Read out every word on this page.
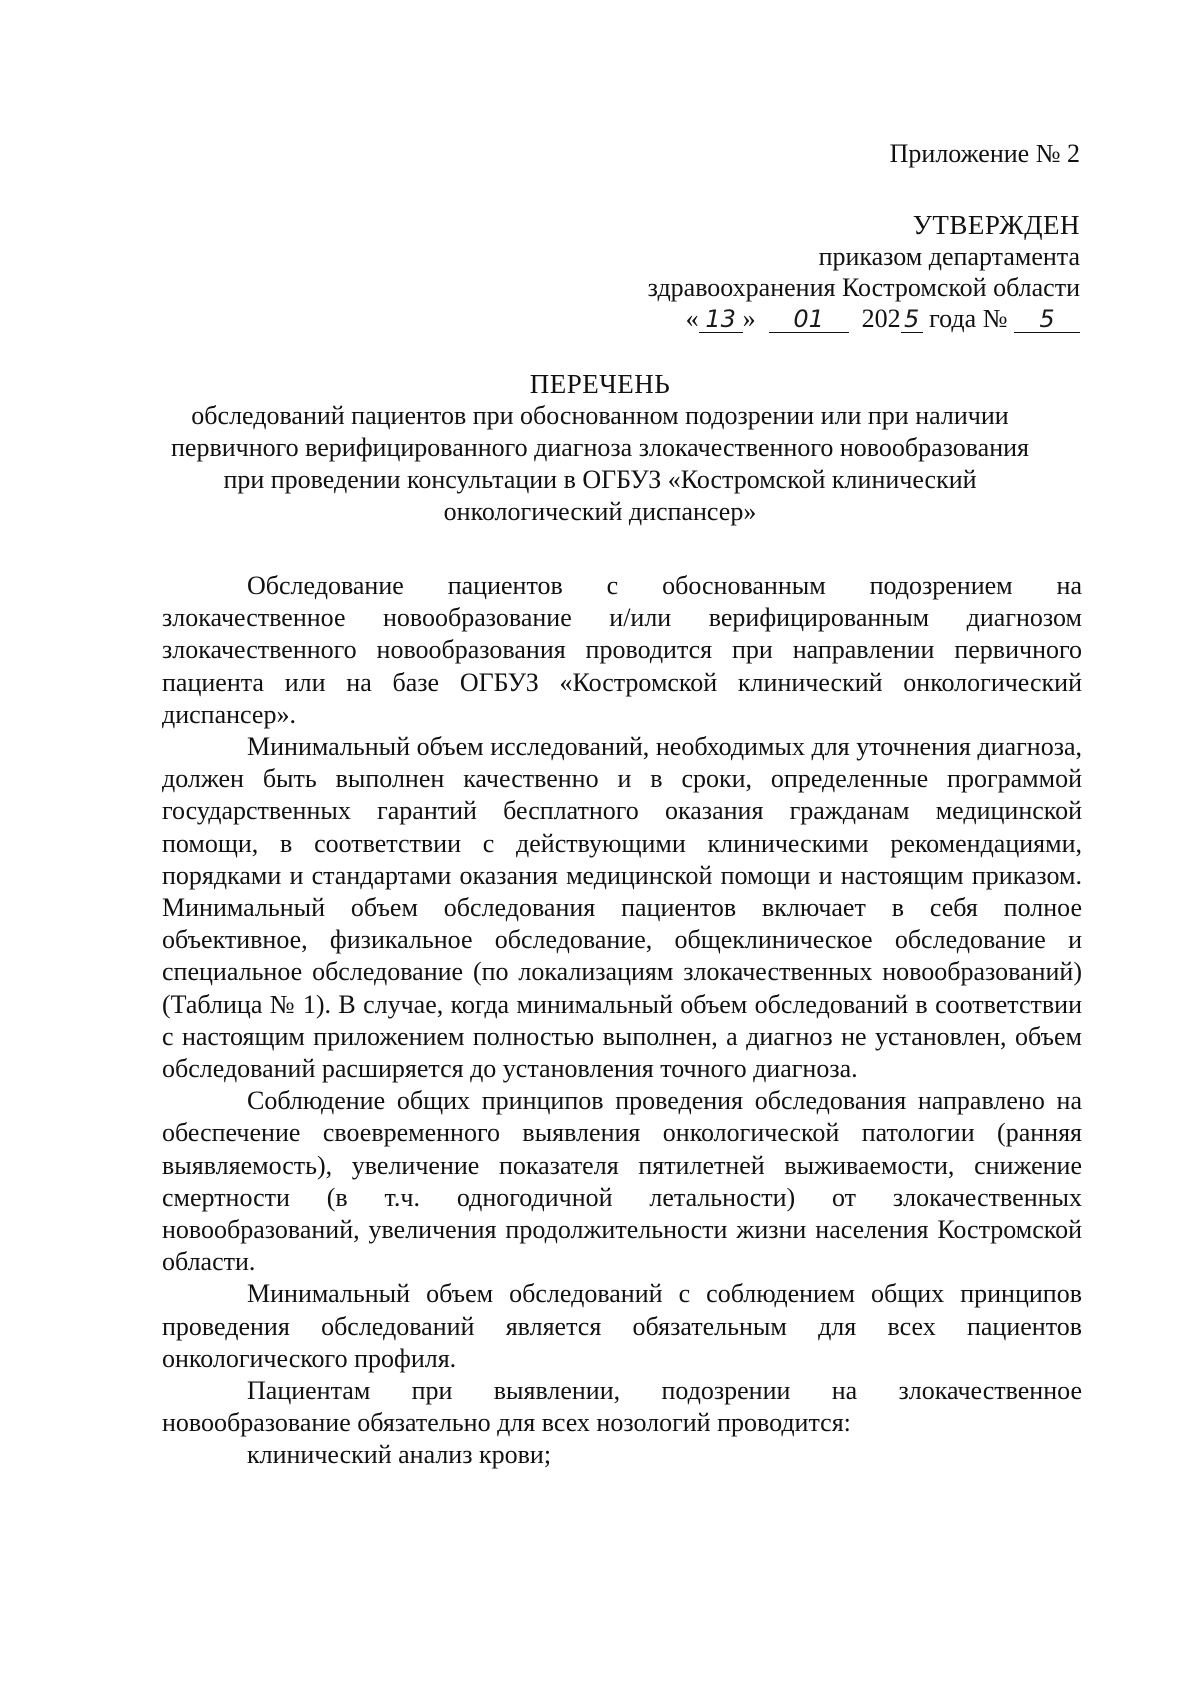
Приложение № 2
УТВЕРЖДЕН
приказом департамента
здравоохранения Костромской области
« 13 » 01 202 5 года № 5
ПЕРЕЧЕНЬ
обследований пациентов при обоснованном подозрении или при наличии первичного верифицированного диагноза злокачественного новообразования при проведении консультации в ОГБУЗ «Костромской клинический онкологический диспансер»

Обследование пациентов с обоснованным подозрением на злокачественное новообразование и/или верифицированным диагнозом злокачественного новообразования проводится при направлении первичного пациента или на базе ОГБУЗ «Костромской клинический онкологический диспансер».

Минимальный объем исследований, необходимых для уточнения диагноза, должен быть выполнен качественно и в сроки, определенные программой государственных гарантий бесплатного оказания гражданам медицинской помощи, в соответствии с действующими клиническими рекомендациями, порядками и стандартами оказания медицинской помощи и настоящим приказом. Минимальный объем обследования пациентов включает в себя полное объективное, физикальное обследование, общеклиническое обследование и специальное обследование (по локализациям злокачественных новообразований) (Таблица № 1). В случае, когда минимальный объем обследований в соответствии с настоящим приложением полностью выполнен, а диагноз не установлен, объем обследований расширяется до установления точного диагноза.

Соблюдение общих принципов проведения обследования направлено на обеспечение своевременного выявления онкологической патологии (ранняя выявляемость), увеличение показателя пятилетней выживаемости, снижение смертности (в т.ч. одногодичной летальности) от злокачественных новообразований, увеличения продолжительности жизни населения Костромской области.

Минимальный объем обследований с соблюдением общих принципов проведения обследований является обязательным для всех пациентов онкологического профиля.

Пациентам при выявлении, подозрении на злокачественное новообразование обязательно для всех нозологий проводится:

клинический анализ крови;
